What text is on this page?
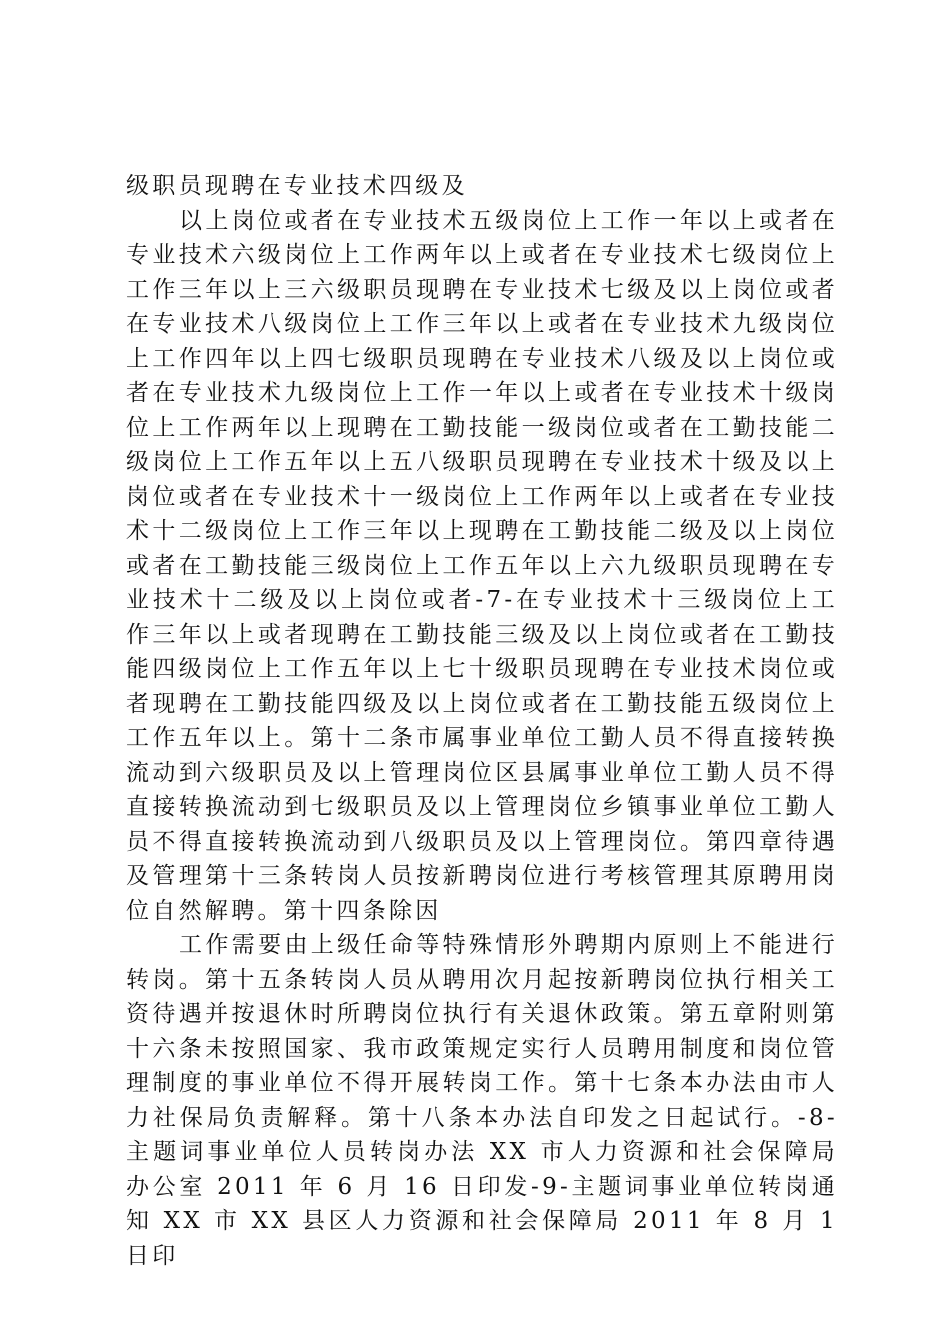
级职员现聘在专业技术四级及

以上岗位或者在专业技术五级岗位上工作一年以上或者在专业技术六级岗位上工作两年以上或者在专业技术七级岗位上工作三年以上三六级职员现聘在专业技术七级及以上岗位或者在专业技术八级岗位上工作三年以上或者在专业技术九级岗位上工作四年以上四七级职员现聘在专业技术八级及以上岗位或者在专业技术九级岗位上工作一年以上或者在专业技术十级岗位上工作两年以上现聘在工勤技能一级岗位或者在工勤技能二级岗位上工作五年以上五八级职员现聘在专业技术十级及以上岗位或者在专业技术十一级岗位上工作两年以上或者在专业技术十二级岗位上工作三年以上现聘在工勤技能二级及以上岗位或者在工勤技能三级岗位上工作五年以上六九级职员现聘在专业技术十二级及以上岗位或者-7-在专业技术十三级岗位上工作三年以上或者现聘在工勤技能三级及以上岗位或者在工勤技能四级岗位上工作五年以上七十级职员现聘在专业技术岗位或者现聘在工勤技能四级及以上岗位或者在工勤技能五级岗位上工作五年以上。第十二条市属事业单位工勤人员不得直接转换流动到六级职员及以上管理岗位区县属事业单位工勤人员不得直接转换流动到七级职员及以上管理岗位乡镇事业单位工勤人员不得直接转换流动到八级职员及以上管理岗位。第四章待遇及管理第十三条转岗人员按新聘岗位进行考核管理其原聘用岗位自然解聘。第十四条除因

工作需要由上级任命等特殊情形外聘期内原则上不能进行转岗。第十五条转岗人员从聘用次月起按新聘岗位执行相关工资待遇并按退休时所聘岗位执行有关退休政策。第五章附则第十六条未按照国家、我市政策规定实行人员聘用制度和岗位管理制度的事业单位不得开展转岗工作。第十七条本办法由市人力社保局负责解释。第十八条本办法自印发之日起试行。-8-主题词事业单位人员转岗办法 XX 市人力资源和社会保障局办公室 2011 年 6 月 16 日印发-9-主题词事业单位转岗通知 XX 市 XX 县区人力资源和社会保障局 2011 年 8 月 1 日印
